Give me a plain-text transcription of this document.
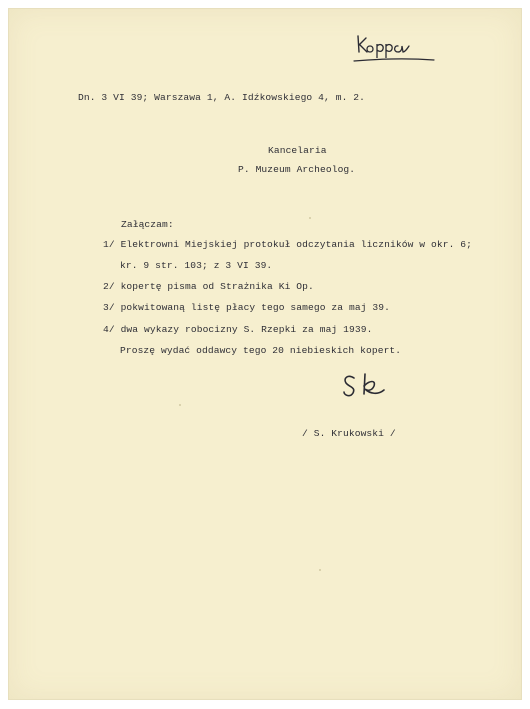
Dn. 3 VI 39; Warszawa 1, A. Idźkowskiego 4, m. 2.

Kancelaria

P. Muzeum Archeolog.

Załączam:

1/ Elektrowni Miejskiej protokuł odczytania liczników w okr. 6;

kr. 9 str. 103; z 3 VI 39.

2/ kopertę pisma od Strażnika Ki Op.

3/ pokwitowaną listę płacy tego samego za maj 39.

4/ dwa wykazy robocizny S. Rzepki za maj 1939.

Proszę wydać oddawcy tego 20 niebieskich kopert.

/ S. Krukowski /
